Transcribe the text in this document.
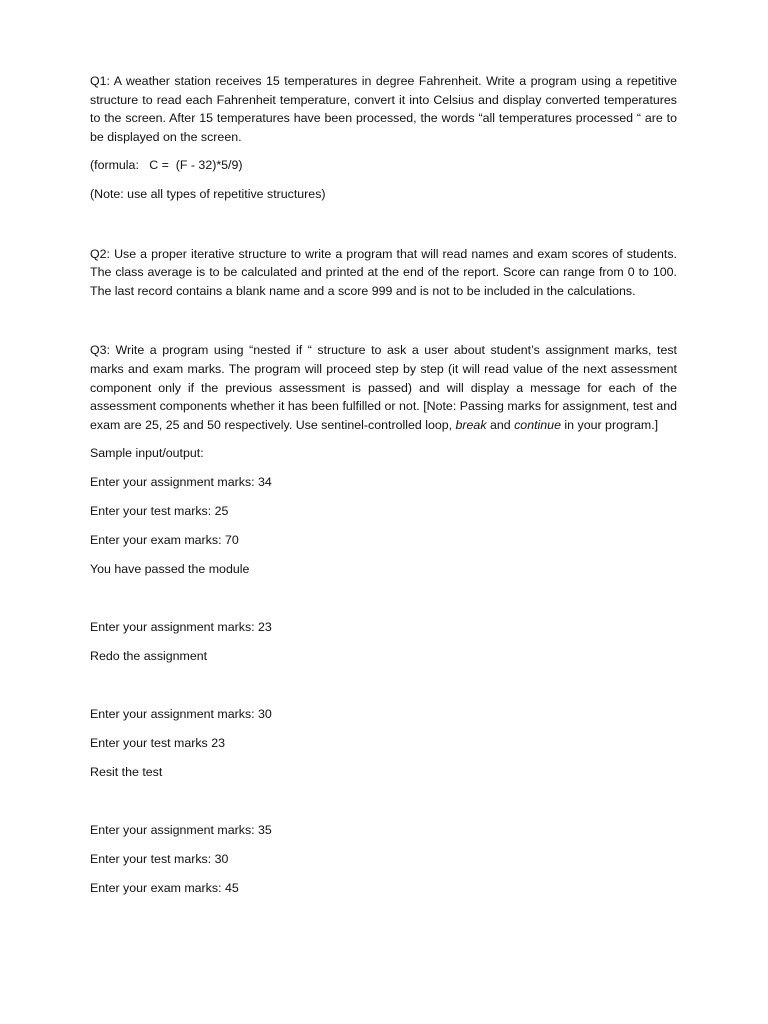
Q1: A weather station receives 15 temperatures in degree Fahrenheit. Write a program using a repetitive structure to read each Fahrenheit temperature, convert it into Celsius and display converted temperatures to the screen. After 15 temperatures have been processed, the words “all temperatures processed “ are to be displayed on the screen.

(formula:   C =  (F - 32)*5/9)

(Note: use all types of repetitive structures)

Q2: Use a proper iterative structure to write a program that will read names and exam scores of students. The class average is to be calculated and printed at the end of the report. Score can range from 0 to 100. The last record contains a blank name and a score 999 and is not to be included in the calculations.

Q3: Write a program using “nested if “ structure to ask a user about student’s assignment marks, test marks and exam marks. The program will proceed step by step (it will read value of the next assessment component only if the previous assessment is passed) and will display a message for each of the assessment components whether it has been fulfilled or not. [Note: Passing marks for assignment, test and exam are 25, 25 and 50 respectively. Use sentinel-controlled loop, break and continue in your program.]

Sample input/output:

Enter your assignment marks: 34

Enter your test marks: 25

Enter your exam marks: 70

You have passed the module

Enter your assignment marks: 23

Redo the assignment

Enter your assignment marks: 30

Enter your test marks 23

Resit the test

Enter your assignment marks: 35

Enter your test marks: 30

Enter your exam marks: 45
